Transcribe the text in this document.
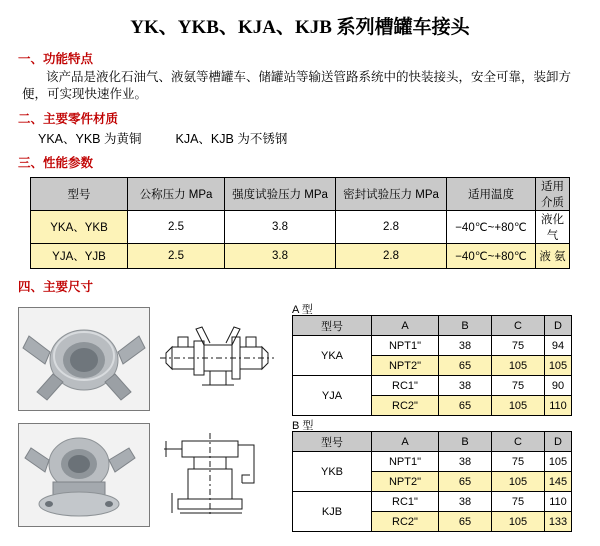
YK、YKB、KJA、KJB 系列槽罐车接头
一、功能特点
该产品是液化石油气、液氨等槽罐车、储罐站等输送管路系统中的快装接头，安全可靠，装卸方便，可实现快速作业。
二、主要零件材质
YKA、YKB 为黄铜	KJA、KJB 为不锈钢
三、性能参数
型号	公称压力 MPa	强度试验压力 MPa	密封试验压力 MPa	适用温度	适用介质
YKA、YKB	2.5	3.8	2.8	−40℃~+80℃	液化气
YJA、YJB	2.5	3.8	2.8	−40℃~+80℃	液 氨
四、主要尺寸
A 型
型号	A	B	C	D
YKA	NPT1"	38	75	94
	NPT2"	65	105	105
YJA	RC1"	38	75	90
	RC2"	65	105	110
B 型
型号	A	B	C	D
YKB	NPT1"	38	75	105
	NPT2"	65	105	145
KJB	RC1"	38	75	110
	RC2"	65	105	133
